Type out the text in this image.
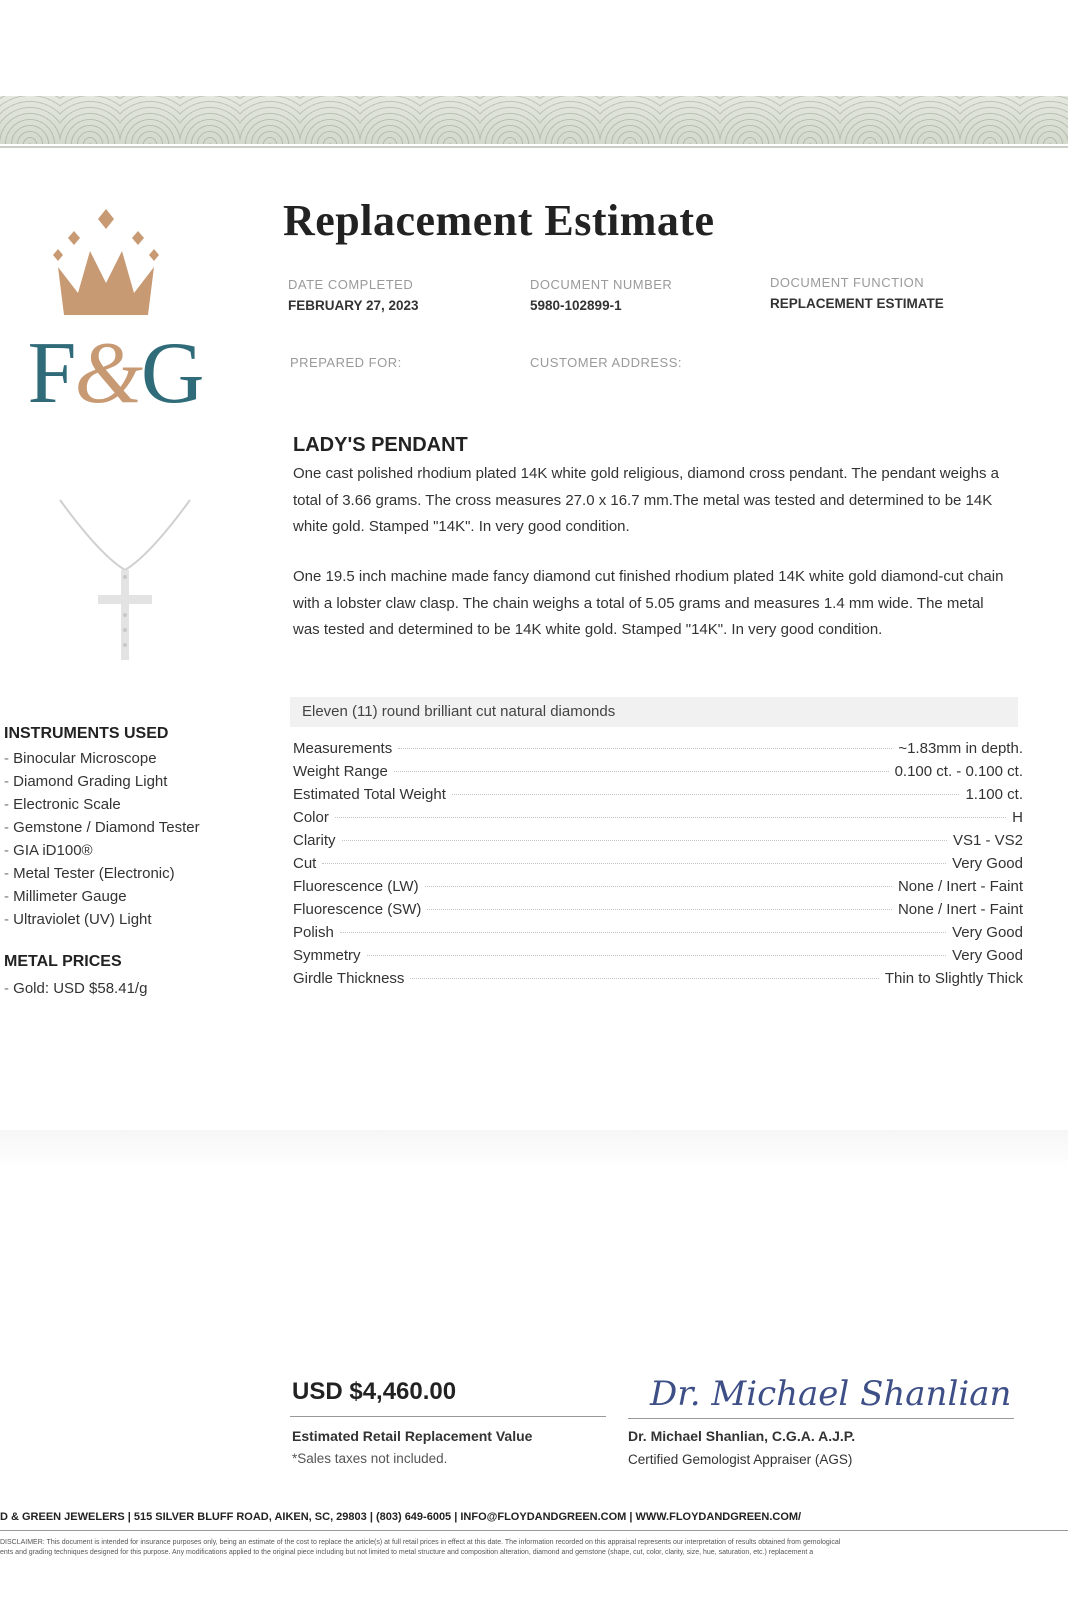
F&G
Replacement Estimate
DATE COMPLETED
FEBRUARY 27, 2023
DOCUMENT NUMBER
5980-102899-1
DOCUMENT FUNCTION
REPLACEMENT ESTIMATE
PREPARED FOR:	CUSTOMER ADDRESS:
LADY'S PENDANT

One cast polished rhodium plated 14K white gold religious, diamond cross pendant. The pendant weighs a total of 3.66 grams. The cross measures 27.0 x 16.7 mm.The metal was tested and determined to be 14K white gold. Stamped "14K". In very good condition.

One 19.5 inch machine made fancy diamond cut finished rhodium plated 14K white gold diamond-cut chain with a lobster claw clasp. The chain weighs a total of 5.05 grams and measures 1.4 mm wide. The metal was tested and determined to be 14K white gold. Stamped "14K". In very good condition.

Eleven (11) round brilliant cut natural diamonds
Measurements	~1.83mm in depth.
Weight Range	0.100 ct. - 0.100 ct.
Estimated Total Weight	1.100 ct.
Color	H
Clarity	VS1 - VS2
Cut	Very Good
Fluorescence (LW)	None / Inert - Faint
Fluorescence (SW)	None / Inert - Faint
Polish	Very Good
Symmetry	Very Good
Girdle Thickness	Thin to Slightly Thick
INSTRUMENTS USED
- Binocular Microscope
- Diamond Grading Light
- Electronic Scale
- Gemstone / Diamond Tester
- GIA iD100®
- Metal Tester (Electronic)
- Millimeter Gauge
- Ultraviolet (UV) Light
METAL PRICES
- Gold: USD $58.41/g
USD $4,460.00
Estimated Retail Replacement Value
*Sales taxes not included.
Dr. Michael Shanlian
Dr. Michael Shanlian, C.G.A. A.J.P.
Certified Gemologist Appraiser (AGS)
D & GREEN JEWELERS | 515 SILVER BLUFF ROAD, AIKEN, SC, 29803 | (803) 649-6005 | INFO@FLOYDANDGREEN.COM | WWW.FLOYDANDGREEN.COM/
DISCLAIMER: This document is intended for insurance purposes only, being an estimate of the cost to replace the article(s) at full retail prices in effect at this date. The information recorded on this appraisal represents our interpretation of results obtained from gemological
ents and grading techniques designed for this purpose. Any modifications applied to the original piece including but not limited to metal structure and composition alteration, diamond and gemstone (shape, cut, color, clarity, size, hue, saturation, etc.) replacement a
